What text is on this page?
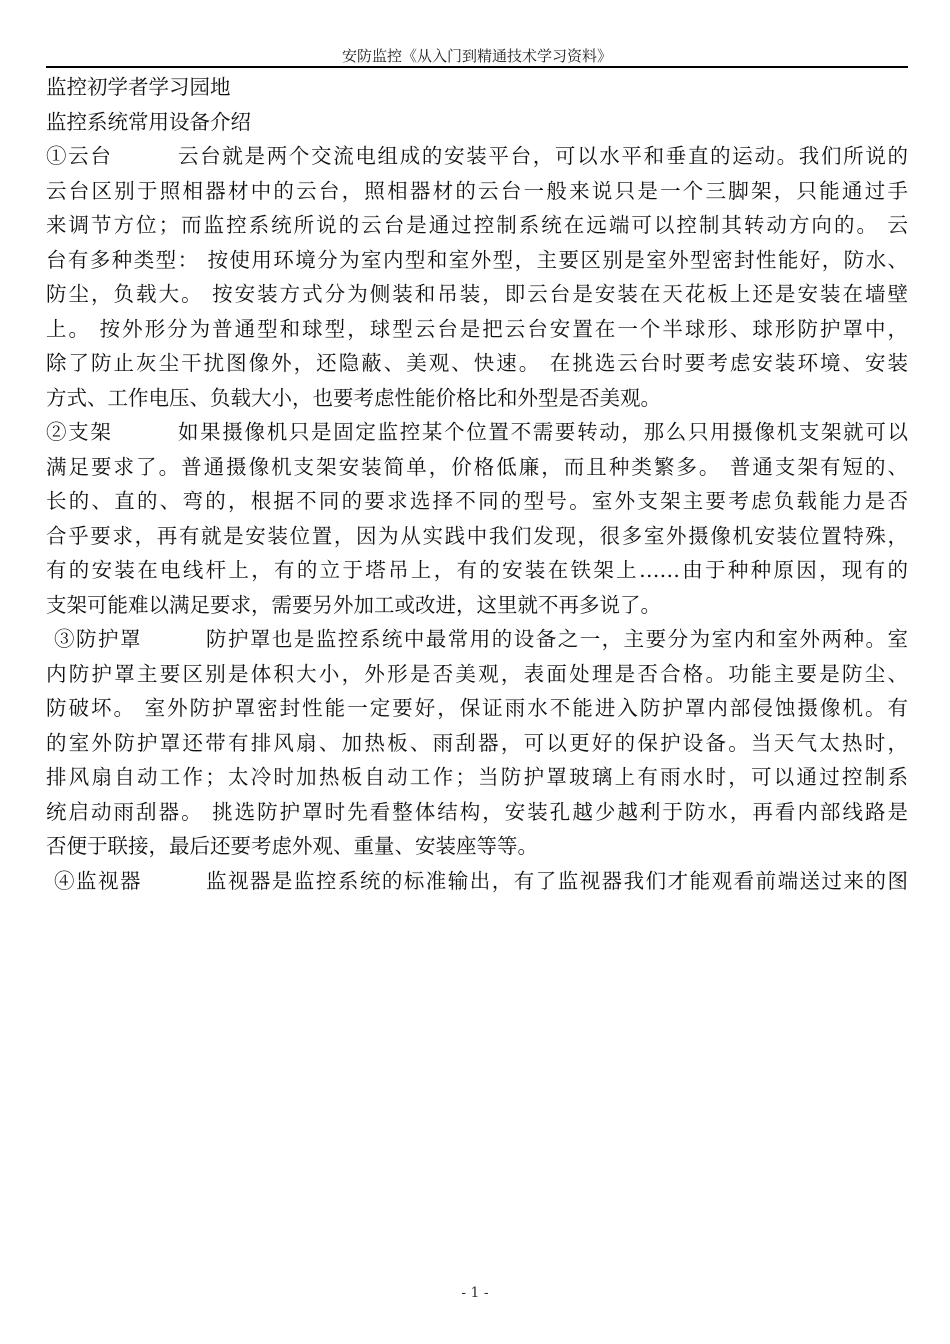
安防监控《从入门到精通技术学习资料》
监控初学者学习园地
监控系统常用设备介绍
①云台        云台就是两个交流电组成的安装平台，可以水平和垂直的运动。我们所说的
云台区别于照相器材中的云台，照相器材的云台一般来说只是一个三脚架，只能通过手
来调节方位；而监控系统所说的云台是通过控制系统在远端可以控制其转动方向的。 云
台有多种类型： 按使用环境分为室内型和室外型，主要区别是室外型密封性能好，防水、
防尘，负载大。 按安装方式分为侧装和吊装，即云台是安装在天花板上还是安装在墙壁
上。 按外形分为普通型和球型，球型云台是把云台安置在一个半球形、球形防护罩中，
除了防止灰尘干扰图像外，还隐蔽、美观、快速。 在挑选云台时要考虑安装环境、安装
方式、工作电压、负载大小，也要考虑性能价格比和外型是否美观。
②支架        如果摄像机只是固定监控某个位置不需要转动，那么只用摄像机支架就可以
满足要求了。普通摄像机支架安装简单，价格低廉，而且种类繁多。 普通支架有短的、
长的、直的、弯的，根据不同的要求选择不同的型号。室外支架主要考虑负载能力是否
合乎要求，再有就是安装位置，因为从实践中我们发现，很多室外摄像机安装位置特殊，
有的安装在电线杆上，有的立于塔吊上，有的安装在铁架上……由于种种原因，现有的
支架可能难以满足要求，需要另外加工或改进，这里就不再多说了。
③防护罩        防护罩也是监控系统中最常用的设备之一，主要分为室内和室外两种。室
内防护罩主要区别是体积大小，外形是否美观，表面处理是否合格。功能主要是防尘、
防破坏。 室外防护罩密封性能一定要好，保证雨水不能进入防护罩内部侵蚀摄像机。有
的室外防护罩还带有排风扇、加热板、雨刮器，可以更好的保护设备。当天气太热时，
排风扇自动工作；太冷时加热板自动工作；当防护罩玻璃上有雨水时，可以通过控制系
统启动雨刮器。 挑选防护罩时先看整体结构，安装孔越少越利于防水，再看内部线路是
否便于联接，最后还要考虑外观、重量、安装座等等。
④监视器        监视器是监控系统的标准输出，有了监视器我们才能观看前端送过来的图
- 1 -
